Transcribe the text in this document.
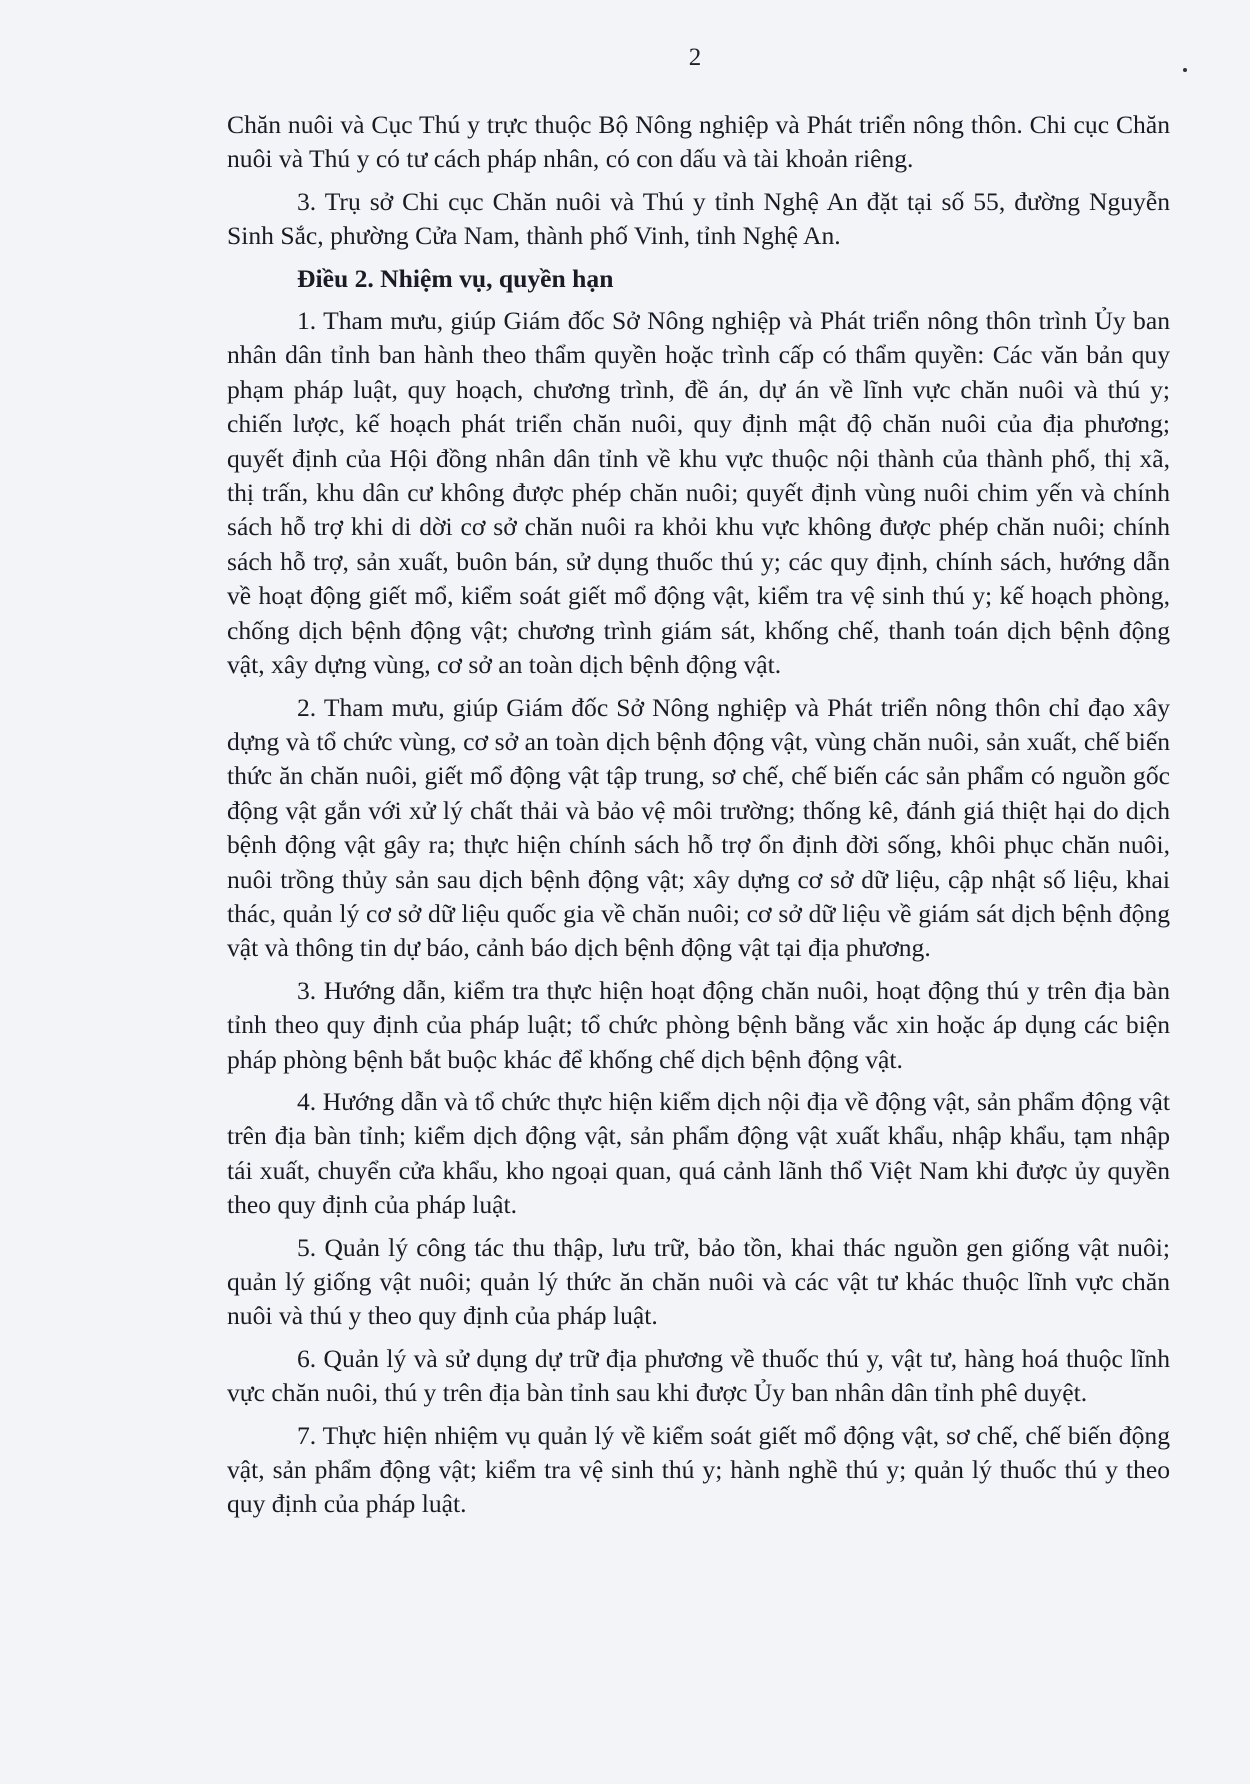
2

Chăn nuôi và Cục Thú y trực thuộc Bộ Nông nghiệp và Phát triển nông thôn. Chi cục Chăn nuôi và Thú y có tư cách pháp nhân, có con dấu và tài khoản riêng.

3. Trụ sở Chi cục Chăn nuôi và Thú y tỉnh Nghệ An đặt tại số 55, đường Nguyễn Sinh Sắc, phường Cửa Nam, thành phố Vinh, tỉnh Nghệ An.

Điều 2. Nhiệm vụ, quyền hạn

1. Tham mưu, giúp Giám đốc Sở Nông nghiệp và Phát triển nông thôn trình Ủy ban nhân dân tỉnh ban hành theo thẩm quyền hoặc trình cấp có thẩm quyền: Các văn bản quy phạm pháp luật, quy hoạch, chương trình, đề án, dự án về lĩnh vực chăn nuôi và thú y; chiến lược, kế hoạch phát triển chăn nuôi, quy định mật độ chăn nuôi của địa phương; quyết định của Hội đồng nhân dân tỉnh về khu vực thuộc nội thành của thành phố, thị xã, thị trấn, khu dân cư không được phép chăn nuôi; quyết định vùng nuôi chim yến và chính sách hỗ trợ khi di dời cơ sở chăn nuôi ra khỏi khu vực không được phép chăn nuôi; chính sách hỗ trợ, sản xuất, buôn bán, sử dụng thuốc thú y; các quy định, chính sách, hướng dẫn về hoạt động giết mổ, kiểm soát giết mổ động vật, kiểm tra vệ sinh thú y; kế hoạch phòng, chống dịch bệnh động vật; chương trình giám sát, khống chế, thanh toán dịch bệnh động vật, xây dựng vùng, cơ sở an toàn dịch bệnh động vật.

2. Tham mưu, giúp Giám đốc Sở Nông nghiệp và Phát triển nông thôn chỉ đạo xây dựng và tổ chức vùng, cơ sở an toàn dịch bệnh động vật, vùng chăn nuôi, sản xuất, chế biến thức ăn chăn nuôi, giết mổ động vật tập trung, sơ chế, chế biến các sản phẩm có nguồn gốc động vật gắn với xử lý chất thải và bảo vệ môi trường; thống kê, đánh giá thiệt hại do dịch bệnh động vật gây ra; thực hiện chính sách hỗ trợ ổn định đời sống, khôi phục chăn nuôi, nuôi trồng thủy sản sau dịch bệnh động vật; xây dựng cơ sở dữ liệu, cập nhật số liệu, khai thác, quản lý cơ sở dữ liệu quốc gia về chăn nuôi; cơ sở dữ liệu về giám sát dịch bệnh động vật và thông tin dự báo, cảnh báo dịch bệnh động vật tại địa phương.

3. Hướng dẫn, kiểm tra thực hiện hoạt động chăn nuôi, hoạt động thú y trên địa bàn tỉnh theo quy định của pháp luật; tổ chức phòng bệnh bằng vắc xin hoặc áp dụng các biện pháp phòng bệnh bắt buộc khác để khống chế dịch bệnh động vật.

4. Hướng dẫn và tổ chức thực hiện kiểm dịch nội địa về động vật, sản phẩm động vật trên địa bàn tỉnh; kiểm dịch động vật, sản phẩm động vật xuất khẩu, nhập khẩu, tạm nhập tái xuất, chuyển cửa khẩu, kho ngoại quan, quá cảnh lãnh thổ Việt Nam khi được ủy quyền theo quy định của pháp luật.

5. Quản lý công tác thu thập, lưu trữ, bảo tồn, khai thác nguồn gen giống vật nuôi; quản lý giống vật nuôi; quản lý thức ăn chăn nuôi và các vật tư khác thuộc lĩnh vực chăn nuôi và thú y theo quy định của pháp luật.

6. Quản lý và sử dụng dự trữ địa phương về thuốc thú y, vật tư, hàng hoá thuộc lĩnh vực chăn nuôi, thú y trên địa bàn tỉnh sau khi được Ủy ban nhân dân tỉnh phê duyệt.

7. Thực hiện nhiệm vụ quản lý về kiểm soát giết mổ động vật, sơ chế, chế biến động vật, sản phẩm động vật; kiểm tra vệ sinh thú y; hành nghề thú y; quản lý thuốc thú y theo quy định của pháp luật.
